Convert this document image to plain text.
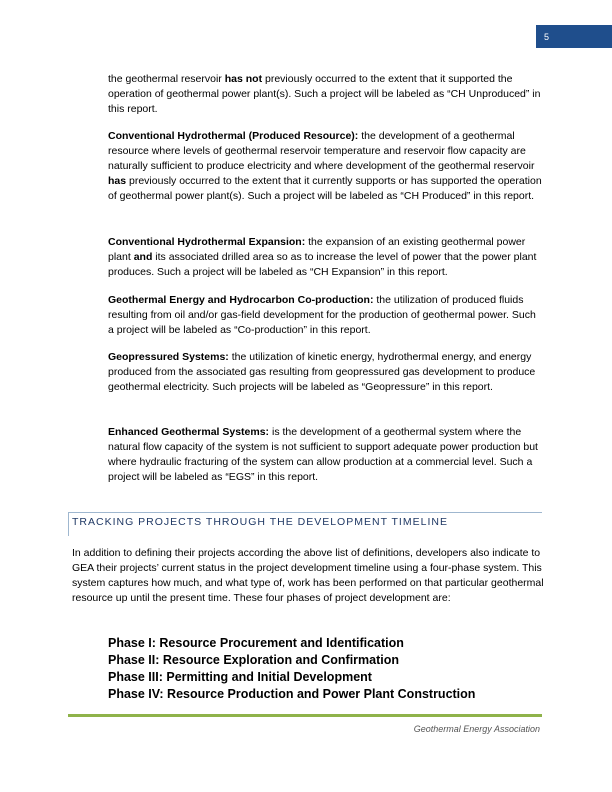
5

the geothermal reservoir has not previously occurred to the extent that it supported the operation of geothermal power plant(s). Such a project will be labeled as “CH Unproduced” in this report.

Conventional Hydrothermal (Produced Resource): the development of a geothermal resource where levels of geothermal reservoir temperature and reservoir flow capacity are naturally sufficient to produce electricity and where development of the geothermal reservoir has previously occurred to the extent that it currently supports or has supported the operation of geothermal power plant(s). Such a project will be labeled as “CH Produced” in this report.

Conventional Hydrothermal Expansion: the expansion of an existing geothermal power plant and its associated drilled area so as to increase the level of power that the power plant produces. Such a project will be labeled as “CH Expansion” in this report.

Geothermal Energy and Hydrocarbon Co-production: the utilization of produced fluids resulting from oil and/or gas-field development for the production of geothermal power. Such a project will be labeled as “Co-production” in this report.

Geopressured Systems: the utilization of kinetic energy, hydrothermal energy, and energy produced from the associated gas resulting from geopressured gas development to produce geothermal electricity. Such projects will be labeled as “Geopressure” in this report.

Enhanced Geothermal Systems: is the development of a geothermal system where the natural flow capacity of the system is not sufficient to support adequate power production but where hydraulic fracturing of the system can allow production at a commercial level. Such a project will be labeled as “EGS” in this report.

TRACKING PROJECTS THROUGH THE DEVELOPMENT TIMELINE

In addition to defining their projects according the above list of definitions, developers also indicate to GEA their projects’ current status in the project development timeline using a four-phase system. This system captures how much, and what type of, work has been performed on that particular geothermal resource up until the present time. These four phases of project development are:

Phase I: Resource Procurement and Identification
Phase II: Resource Exploration and Confirmation
Phase III: Permitting and Initial Development
Phase IV: Resource Production and Power Plant Construction
Geothermal Energy Association
